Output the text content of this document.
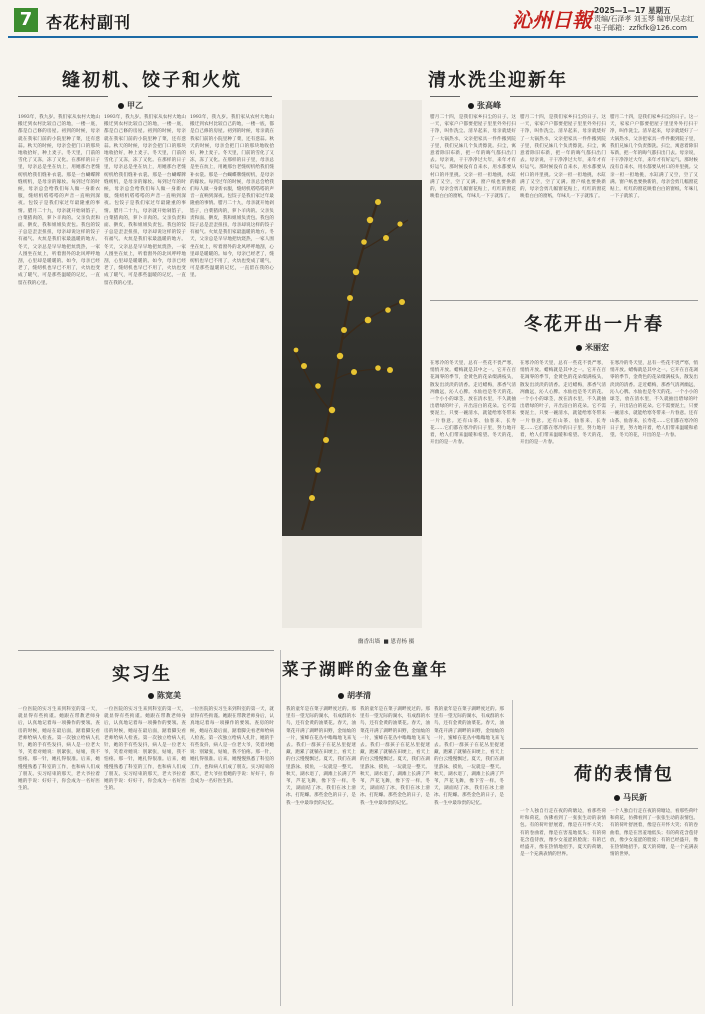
7 杏花村副刊	沁州日報 2025—1—17 星期五
责编/石泽孝 刘玉琴 编审/吴志红
电子邮箱：zzfkfk@126.com
缝初机、饺子和火炕
甲乙
1993年，我九岁。我们家从农村大地山搬迁到农村比较自己的地，一楼一底，都是自己修的房屋。初到的时候，母亲就在我家门前的小院里种了菜，还有葱蒜。秋天的时候，母亲会把门口的那块地收拾好，种上麦子。冬天里，门前的雪化了又冻，冻了又化。在那样的日子里，母亲总是坐在炕上，用她那台老缝纫机给我们缝补衣裳。那是一台蝴蝶牌缝纫机，是母亲的嫁妆。每到过年的时候，母亲总会给我们每人做一身新衣服，缝纫机嗒嗒嗒的声音一直响到深夜。包饺子是我们家过年最隆重的事情。腊月二十九，母亲就开始剁馅子，白菜猪肉的，萝卜羊肉的。父亲负责和面、擀皮，我和姐姐负责包。我包的饺子总是歪歪扭扭，母亲却说这样的饺子有福气。火炕是我们家最温暖的地方。冬天，父亲总是早早地把炕烧热，一家人围坐在炕上，听着窗外的北风呼呼地刮，心里却是暖暖的。如今，母亲已经老了，缝纫机也早已不用了，火炕也变成了暖气，可是那些温暖的记忆，一直留在我的心里。
1993年，我九岁。我们家从农村大地山搬迁到农村比较自己的地，一楼一底，都是自己修的房屋。初到的时候，母亲就在我家门前的小院里种了菜，还有葱蒜。秋天的时候，母亲会把门口的那块地收拾好，种上麦子。冬天里，门前的雪化了又冻，冻了又化。在那样的日子里，母亲总是坐在炕上，用她那台老缝纫机给我们缝补衣裳。那是一台蝴蝶牌缝纫机，是母亲的嫁妆。每到过年的时候，母亲总会给我们每人做一身新衣服，缝纫机嗒嗒嗒的声音一直响到深夜。包饺子是我们家过年最隆重的事情。腊月二十九，母亲就开始剁馅子，白菜猪肉的，萝卜羊肉的。父亲负责和面、擀皮，我和姐姐负责包。我包的饺子总是歪歪扭扭，母亲却说这样的饺子有福气。火炕是我们家最温暖的地方。冬天，父亲总是早早地把炕烧热，一家人围坐在炕上，听着窗外的北风呼呼地刮，心里却是暖暖的。如今，母亲已经老了，缝纫机也早已不用了，火炕也变成了暖气，可是那些温暖的记忆，一直留在我的心里。
1993年，我九岁。我们家从农村大地山搬迁到农村比较自己的地，一楼一底，都是自己修的房屋。初到的时候，母亲就在我家门前的小院里种了菜，还有葱蒜。秋天的时候，母亲会把门口的那块地收拾好，种上麦子。冬天里，门前的雪化了又冻，冻了又化。在那样的日子里，母亲总是坐在炕上，用她那台老缝纫机给我们缝补衣裳。那是一台蝴蝶牌缝纫机，是母亲的嫁妆。每到过年的时候，母亲总会给我们每人做一身新衣服，缝纫机嗒嗒嗒的声音一直响到深夜。包饺子是我们家过年最隆重的事情。腊月二十九，母亲就开始剁馅子，白菜猪肉的，萝卜羊肉的。父亲负责和面、擀皮，我和姐姐负责包。我包的饺子总是歪歪扭扭，母亲却说这样的饺子有福气。火炕是我们家最温暖的地方。冬天，父亲总是早早地把炕烧热，一家人围坐在炕上，听着窗外的北风呼呼地刮，心里却是暖暖的。如今，母亲已经老了，缝纫机也早已不用了，火炕也变成了暖气，可是那些温暖的记忆，一直留在我的心里。
清水洗尘迎新年
张高峰
腊月二十四，是我们家乡扫尘的日子。这一天，家家户户都要把屋子里里外外打扫干净，叫作洗尘。清早起来，母亲就烧好了一大锅热水，父亲把家具一件件搬到院子里，我们兄妹几个负责擦洗。扫尘，寓意着除旧布新，把一年的晦气都扫出门去。母亲说，干干净净过大年，来年才有好运气。那时候没有自来水，用水都要从村口的井里挑。父亲一担一担地挑，水缸满了又空，空了又满。窗户纸也要换新的，母亲会剪几幅窗花贴上，红红的窗花映着白白的窗纸，年味儿一下子就浓了。
腊月二十四，是我们家乡扫尘的日子。这一天，家家户户都要把屋子里里外外打扫干净，叫作洗尘。清早起来，母亲就烧好了一大锅热水，父亲把家具一件件搬到院子里，我们兄妹几个负责擦洗。扫尘，寓意着除旧布新，把一年的晦气都扫出门去。母亲说，干干净净过大年，来年才有好运气。那时候没有自来水，用水都要从村口的井里挑。父亲一担一担地挑，水缸满了又空，空了又满。窗户纸也要换新的，母亲会剪几幅窗花贴上，红红的窗花映着白白的窗纸，年味儿一下子就浓了。
腊月二十四，是我们家乡扫尘的日子。这一天，家家户户都要把屋子里里外外打扫干净，叫作洗尘。清早起来，母亲就烧好了一大锅热水，父亲把家具一件件搬到院子里，我们兄妹几个负责擦洗。扫尘，寓意着除旧布新，把一年的晦气都扫出门去。母亲说，干干净净过大年，来年才有好运气。那时候没有自来水，用水都要从村口的井里挑。父亲一担一担地挑，水缸满了又空，空了又满。窗户纸也要换新的，母亲会剪几幅窗花贴上，红红的窗花映着白白的窗纸，年味儿一下子就浓了。
冬花开出一片春
米丽宏
在寒冷的冬天里，总有一些花不畏严寒，悄悄开放。蜡梅就是其中之一。它开在百花凋零的季节，金黄色的花朵缀满枝头，散发出淡淡的清香。走近蜡梅，那香气清冽幽远，沁人心脾。水仙也是冬天的花。一个小小的球茎，放在清水里，不久就抽出碧绿的叶子，开出洁白的花朵。它不需要泥土，只要一碗清水，就能给寒冬带来一片春意。还有山茶、仙客来、长寿花……它们都在寒冷的日子里，努力地开着，给人们带来温暖和希望。冬天的花，开出的是一片春。
在寒冷的冬天里，总有一些花不畏严寒，悄悄开放。蜡梅就是其中之一。它开在百花凋零的季节，金黄色的花朵缀满枝头，散发出淡淡的清香。走近蜡梅，那香气清冽幽远，沁人心脾。水仙也是冬天的花。一个小小的球茎，放在清水里，不久就抽出碧绿的叶子，开出洁白的花朵。它不需要泥土，只要一碗清水，就能给寒冬带来一片春意。还有山茶、仙客来、长寿花……它们都在寒冷的日子里，努力地开着，给人们带来温暖和希望。冬天的花，开出的是一片春。
在寒冷的冬天里，总有一些花不畏严寒，悄悄开放。蜡梅就是其中之一。它开在百花凋零的季节，金黄色的花朵缀满枝头，散发出淡淡的清香。走近蜡梅，那香气清冽幽远，沁人心脾。水仙也是冬天的花。一个小小的球茎，放在清水里，不久就抽出碧绿的叶子，开出洁白的花朵。它不需要泥土，只要一碗清水，就能给寒冬带来一片春意。还有山茶、仙客来、长寿花……它们都在寒冷的日子里，努力地开着，给人们带来温暖和希望。冬天的花，开出的是一片春。
幽香出墙 ■ 恩青杨 摄
实习生
陈宽美
一位医院的实习生来到科室的第一天，就显得有些拘谨。她跟在带教老师身后，认真地记着每一项操作的要领。查房的时候，她站在最后面，踮着脚尖看老师给病人检查。第一次独立给病人扎针，她的手有些发抖，病人是一位老大爷，笑着对她说：别紧张，姑娘，我不怕疼。那一针，她扎得很准。后来，她慢慢熟悉了科室的工作，也和病人们成了朋友。实习结束的那天，老大爷拉着她的手说：好好干，你会成为一名好医生的。
一位医院的实习生来到科室的第一天，就显得有些拘谨。她跟在带教老师身后，认真地记着每一项操作的要领。查房的时候，她站在最后面，踮着脚尖看老师给病人检查。第一次独立给病人扎针，她的手有些发抖，病人是一位老大爷，笑着对她说：别紧张，姑娘，我不怕疼。那一针，她扎得很准。后来，她慢慢熟悉了科室的工作，也和病人们成了朋友。实习结束的那天，老大爷拉着她的手说：好好干，你会成为一名好医生的。
一位医院的实习生来到科室的第一天，就显得有些拘谨。她跟在带教老师身后，认真地记着每一项操作的要领。查房的时候，她站在最后面，踮着脚尖看老师给病人检查。第一次独立给病人扎针，她的手有些发抖，病人是一位老大爷，笑着对她说：别紧张，姑娘，我不怕疼。那一针，她扎得很准。后来，她慢慢熟悉了科室的工作，也和病人们成了朋友。实习结束的那天，老大爷拉着她的手说：好好干，你会成为一名好医生的。
菜子湖畔的金色童年
胡孝清
我的童年是在菜子湖畔度过的。那里有一望无际的湖水，有成群的水鸟，还有金黄的油菜花。春天，油菜花开满了湖畔的田野，金灿灿的一片，蜜蜂在花丛中嗡嗡地飞来飞去。我们一群孩子在花丛里捉迷藏，跑累了就躺在田埂上，看天上的白云慢慢飘过。夏天，我们在湖里游泳、摸鱼，一玩就是一整天。秋天，湖水退了，湖滩上长满了芦苇，芦花飞舞，像下雪一样。冬天，湖面结了冰，我们在冰上滑冰、打陀螺。那些金色的日子，是我一生中最珍贵的记忆。
我的童年是在菜子湖畔度过的。那里有一望无际的湖水，有成群的水鸟，还有金黄的油菜花。春天，油菜花开满了湖畔的田野，金灿灿的一片，蜜蜂在花丛中嗡嗡地飞来飞去。我们一群孩子在花丛里捉迷藏，跑累了就躺在田埂上，看天上的白云慢慢飘过。夏天，我们在湖里游泳、摸鱼，一玩就是一整天。秋天，湖水退了，湖滩上长满了芦苇，芦花飞舞，像下雪一样。冬天，湖面结了冰，我们在冰上滑冰、打陀螺。那些金色的日子，是我一生中最珍贵的记忆。
我的童年是在菜子湖畔度过的。那里有一望无际的湖水，有成群的水鸟，还有金黄的油菜花。春天，油菜花开满了湖畔的田野，金灿灿的一片，蜜蜂在花丛中嗡嗡地飞来飞去。我们一群孩子在花丛里捉迷藏，跑累了就躺在田埂上，看天上的白云慢慢飘过。夏天，我们在湖里游泳、摸鱼，一玩就是一整天。秋天，湖水退了，湖滩上长满了芦苇，芦花飞舞，像下雪一样。冬天，湖面结了冰，我们在冰上滑冰、打陀螺。那些金色的日子，是我一生中最珍贵的记忆。
荷的表情包
马民新
一个人独自行走在夜的荷塘边，看那些荷叶和荷花，仿佛看到了一张张生动的表情包。有的荷叶舒展着，像是在开怀大笑；有的卷曲着，像是在害羞地低头；有的荷花含苞待放，像少女羞涩的脸庞；有的已经盛开，像在热情地招手。夏天的荷塘，是一个充满表情的世界。
一个人独自行走在夜的荷塘边，看那些荷叶和荷花，仿佛看到了一张张生动的表情包。有的荷叶舒展着，像是在开怀大笑；有的卷曲着，像是在害羞地低头；有的荷花含苞待放，像少女羞涩的脸庞；有的已经盛开，像在热情地招手。夏天的荷塘，是一个充满表情的世界。
